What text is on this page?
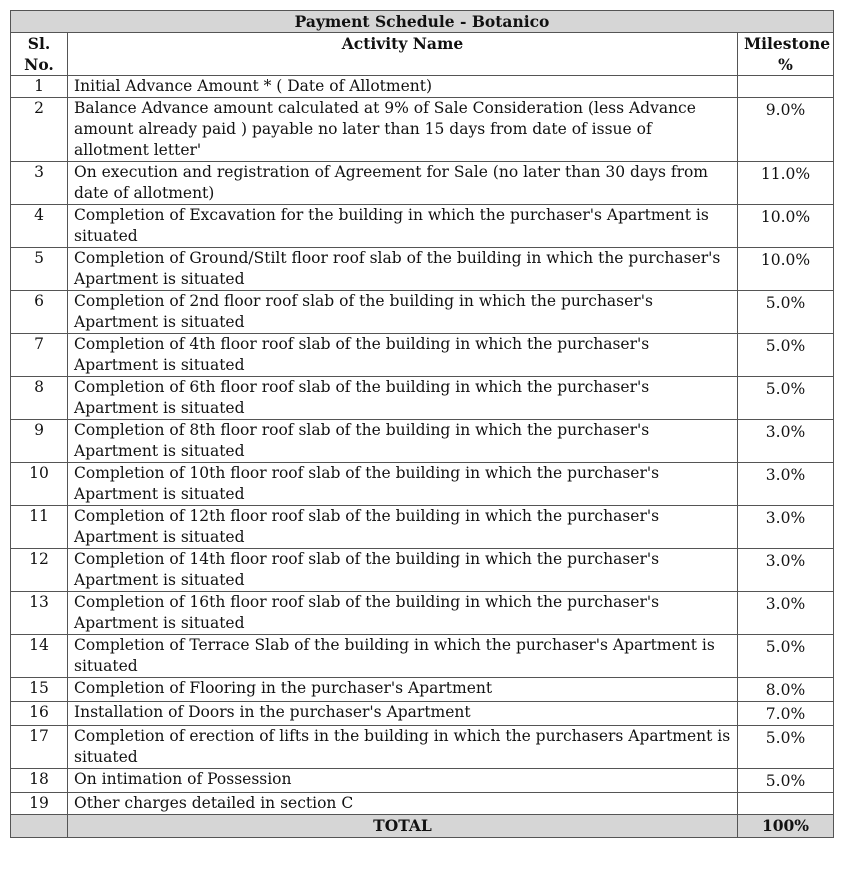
Payment Schedule - Botanico		
Sl. No.	Activity Name	Milestone %
1	Initial Advance Amount * ( Date of Allotment)	
2	Balance Advance amount calculated at 9% of Sale Consideration (less Advance amount already paid ) payable no later than 15 days from date of issue of allotment letter'	9.0%
3	On execution and registration of Agreement for Sale (no later than 30 days from date of allotment)	11.0%
4	Completion of Excavation for the building in which the purchaser's Apartment is situated	10.0%
5	Completion of Ground/Stilt floor roof slab of the building in which the purchaser's Apartment is situated	10.0%
6	Completion of 2nd floor roof slab of the building in which the purchaser's Apartment is situated	5.0%
7	Completion of 4th floor roof slab of the building in which the purchaser's Apartment is situated	5.0%
8	Completion of 6th floor roof slab of the building in which the purchaser's Apartment is situated	5.0%
9	Completion of 8th floor roof slab of the building in which the purchaser's Apartment is situated	3.0%
10	Completion of 10th floor roof slab of the building in which the purchaser's Apartment is situated	3.0%
11	Completion of 12th floor roof slab of the building in which the purchaser's Apartment is situated	3.0%
12	Completion of 14th floor roof slab of the building in which the purchaser's Apartment is situated	3.0%
13	Completion of 16th floor roof slab of the building in which the purchaser's Apartment is situated	3.0%
14	Completion of Terrace Slab of the building in which the purchaser's Apartment is situated	5.0%
15	Completion of Flooring in the purchaser's Apartment	8.0%
16	Installation of Doors in the purchaser's Apartment	7.0%
17	Completion of erection of lifts in the building in which the purchasers Apartment is situated	5.0%
18	On intimation of Possession	5.0%
19	Other charges detailed in section C	
	TOTAL	100%
